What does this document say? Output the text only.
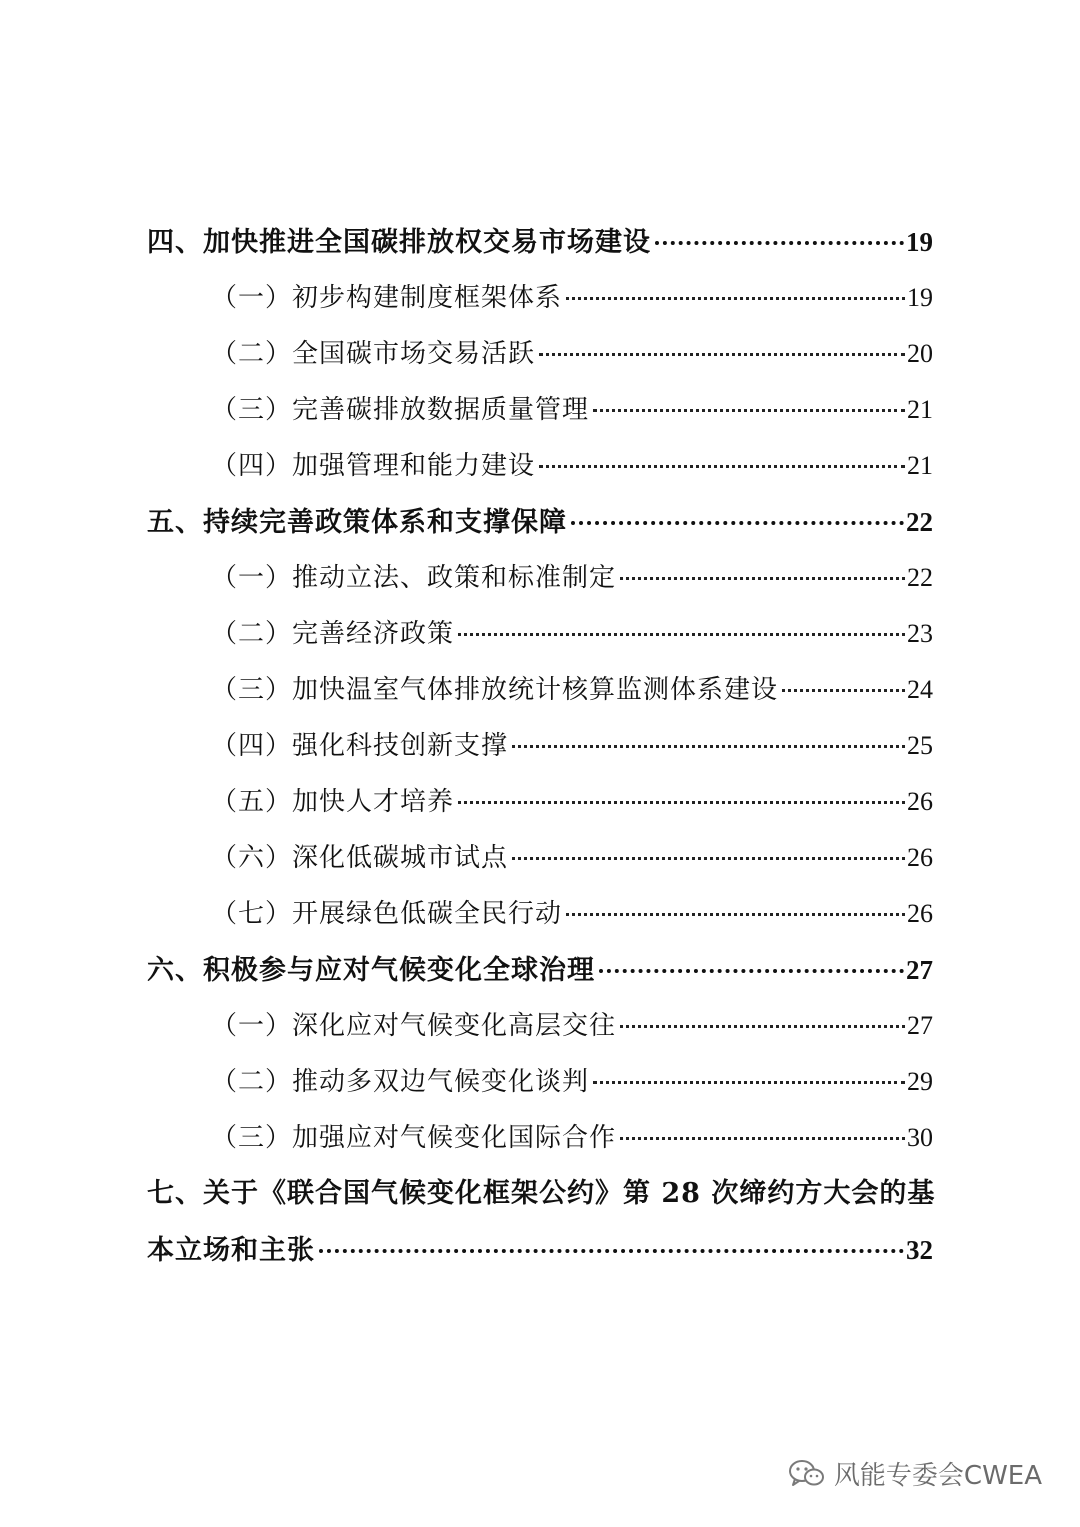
四、加快推进全国碳排放权交易市场建设	19
（一）初步构建制度框架体系	19
（二）全国碳市场交易活跃	20
（三）完善碳排放数据质量管理	21
（四）加强管理和能力建设	21
五、持续完善政策体系和支撑保障	22
（一）推动立法、政策和标准制定	22
（二）完善经济政策	23
（三）加快温室气体排放统计核算监测体系建设	24
（四）强化科技创新支撑	25
（五）加快人才培养	26
（六）深化低碳城市试点	26
（七）开展绿色低碳全民行动	26
六、积极参与应对气候变化全球治理	27
（一）深化应对气候变化高层交往	27
（二）推动多双边气候变化谈判	29
（三）加强应对气候变化国际合作	30
七、关于《联合国气候变化框架公约》第 28 次缔约方大会的基
本立场和主张	32
风能专委会CWEA
